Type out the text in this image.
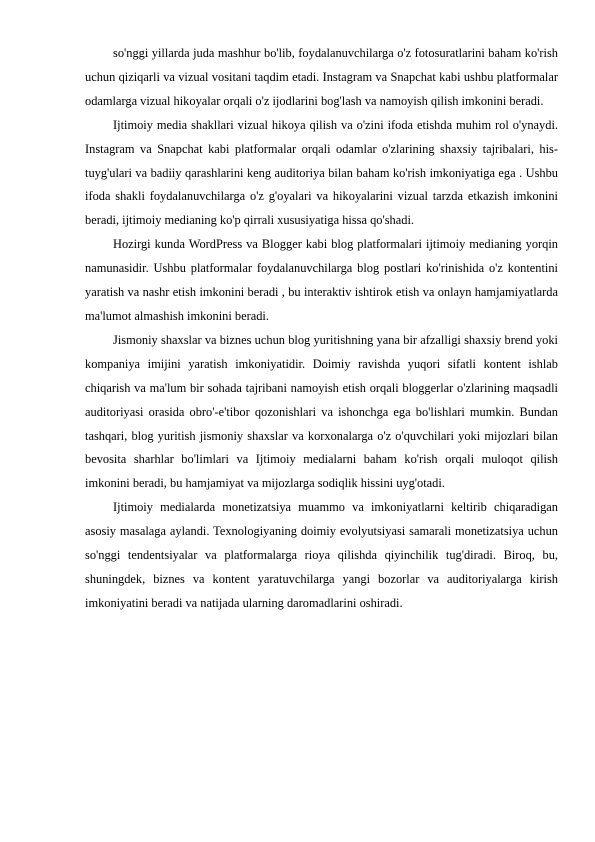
so'nggi yillarda juda mashhur bo'lib, foydalanuvchilarga o'z fotosuratlarini baham ko'rish uchun qiziqarli va vizual vositani taqdim etadi. Instagram va Snapchat kabi ushbu platformalar odamlarga vizual hikoyalar orqali o'z ijodlarini bog'lash va namoyish qilish imkonini beradi.

Ijtimoiy media shakllari vizual hikoya qilish va o'zini ifoda etishda muhim rol o'ynaydi. Instagram va Snapchat kabi platformalar orqali odamlar o'zlarining shaxsiy tajribalari, his-tuyg'ulari va badiiy qarashlarini keng auditoriya bilan baham ko'rish imkoniyatiga ega . Ushbu ifoda shakli foydalanuvchilarga o'z g'oyalari va hikoyalarini vizual tarzda etkazish imkonini beradi, ijtimoiy medianing ko'p qirrali xususiyatiga hissa qo'shadi.

Hozirgi kunda WordPress va Blogger kabi blog platformalari ijtimoiy medianing yorqin namunasidir. Ushbu platformalar foydalanuvchilarga blog postlari ko'rinishida o'z kontentini yaratish va nashr etish imkonini beradi , bu interaktiv ishtirok etish va onlayn hamjamiyatlarda ma'lumot almashish imkonini beradi.

Jismoniy shaxslar va biznes uchun blog yuritishning yana bir afzalligi shaxsiy brend yoki kompaniya imijini yaratish imkoniyatidir. Doimiy ravishda yuqori sifatli kontent ishlab chiqarish va ma'lum bir sohada tajribani namoyish etish orqali bloggerlar o'zlarining maqsadli auditoriyasi orasida obro'-e'tibor qozonishlari va ishonchga ega bo'lishlari mumkin. Bundan tashqari, blog yuritish jismoniy shaxslar va korxonalarga o'z o'quvchilari yoki mijozlari bilan bevosita sharhlar bo'limlari va Ijtimoiy medialarni baham ko'rish orqali muloqot qilish imkonini beradi, bu hamjamiyat va mijozlarga sodiqlik hissini uyg'otadi.

Ijtimoiy medialarda monetizatsiya muammo va imkoniyatlarni keltirib chiqaradigan asosiy masalaga aylandi. Texnologiyaning doimiy evolyutsiyasi samarali monetizatsiya uchun so'nggi tendentsiyalar va platformalarga rioya qilishda qiyinchilik tug'diradi. Biroq, bu, shuningdek, biznes va kontent yaratuvchilarga yangi bozorlar va auditoriyalarga kirish imkoniyatini beradi va natijada ularning daromadlarini oshiradi.
